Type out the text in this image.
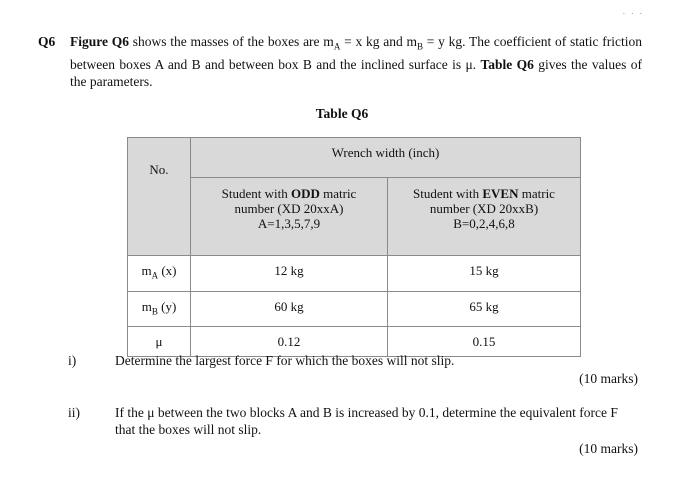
. . .
Q6 Figure Q6 shows the masses of the boxes are $m_A = x$ kg and $m_B = y$ kg. The coefficient of static friction between boxes A and B and between box B and the inclined surface is μ. Table Q6 gives the values of the parameters.
Table Q6
No.	Wrench width (inch)	
	Student with ODD matric
number (XD 20xxA)
A=1,3,5,7,9	Student with EVEN matric
number (XD 20xxB)
B=0,2,4,6,8
$m_A$ (x)	12 kg	15 kg
$m_B$ (y)	60 kg	65 kg
μ	0.12	0.15
i)	Determine the largest force F for which the boxes will not slip.
(10 marks)
ii)	If the μ between the two blocks A and B is increased by 0.1, determine the equivalent force F that the boxes will not slip.
(10 marks)
